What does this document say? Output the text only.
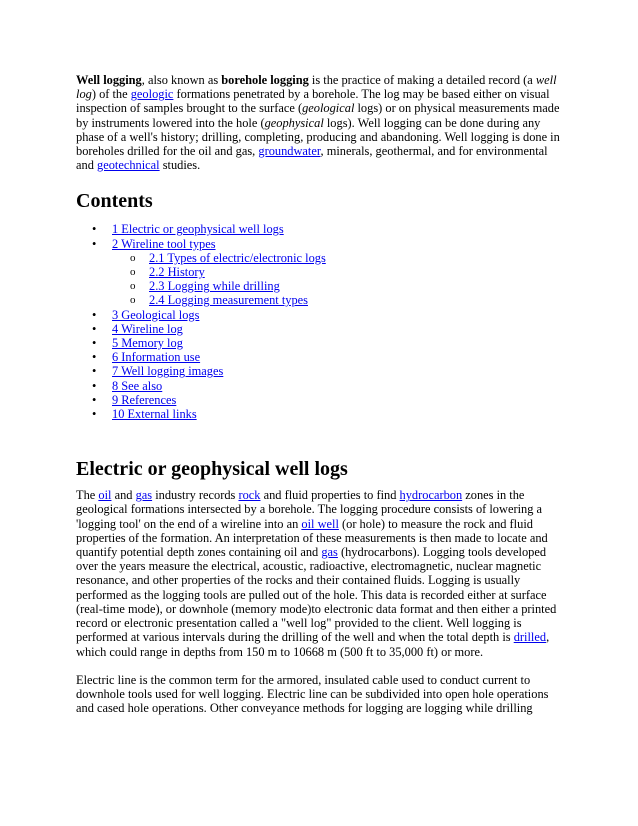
Well logging, also known as borehole logging is the practice of making a detailed record (a well log) of the geologic formations penetrated by a borehole. The log may be based either on visual inspection of samples brought to the surface (geological logs) or on physical measurements made by instruments lowered into the hole (geophysical logs). Well logging can be done during any phase of a well's history; drilling, completing, producing and abandoning. Well logging is done in boreholes drilled for the oil and gas, groundwater, minerals, geothermal, and for environmental and geotechnical studies.

Contents
• 1 Electric or geophysical well logs
• 2 Wireline tool types
o 2.1 Types of electric/electronic logs
o 2.2 History
o 2.3 Logging while drilling
o 2.4 Logging measurement types
• 3 Geological logs
• 4 Wireline log
• 5 Memory log
• 6 Information use
• 7 Well logging images
• 8 See also
• 9 References
• 10 External links
Electric or geophysical well logs

The oil and gas industry records rock and fluid properties to find hydrocarbon zones in the geological formations intersected by a borehole. The logging procedure consists of lowering a 'logging tool' on the end of a wireline into an oil well (or hole) to measure the rock and fluid properties of the formation. An interpretation of these measurements is then made to locate and quantify potential depth zones containing oil and gas (hydrocarbons). Logging tools developed over the years measure the electrical, acoustic, radioactive, electromagnetic, nuclear magnetic resonance, and other properties of the rocks and their contained fluids. Logging is usually performed as the logging tools are pulled out of the hole. This data is recorded either at surface (real-time mode), or downhole (memory mode)to electronic data format and then either a printed record or electronic presentation called a "well log" provided to the client. Well logging is performed at various intervals during the drilling of the well and when the total depth is drilled, which could range in depths from 150 m to 10668 m (500 ft to 35,000 ft) or more.

Electric line is the common term for the armored, insulated cable used to conduct current to downhole tools used for well logging. Electric line can be subdivided into open hole operations and cased hole operations. Other conveyance methods for logging are logging while drilling
